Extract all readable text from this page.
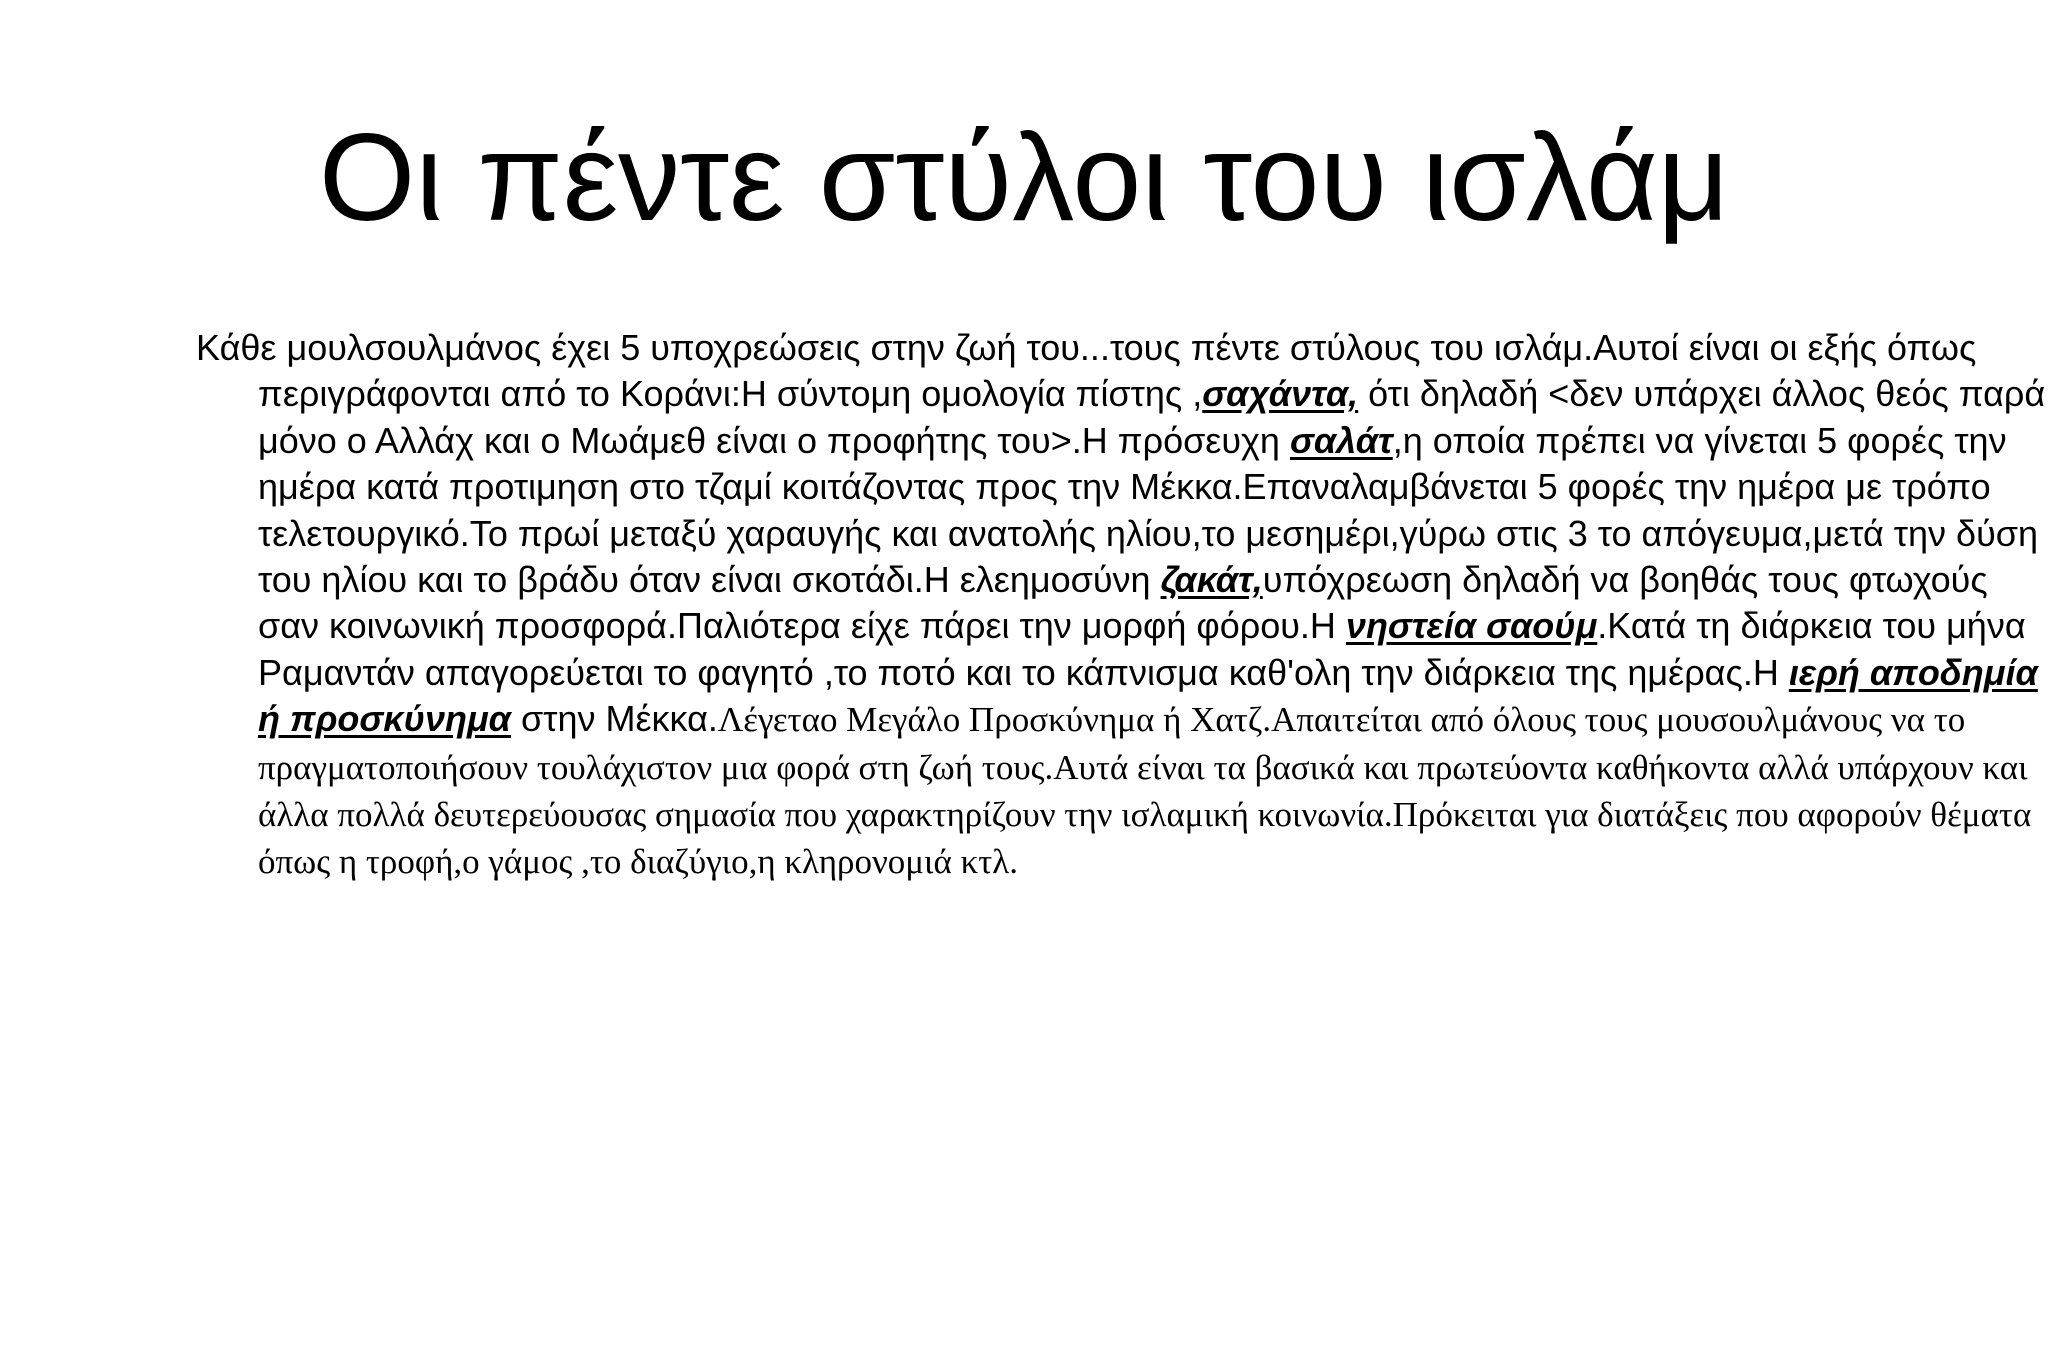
Οι πέντε στύλοι του ισλάμ

Κάθε μουλσουλμάνος έχει 5 υποχρεώσεις στην ζωή του...τους πέντε στύλους του ισλάμ.Αυτοί είναι οι εξής όπως περιγράφονται από το Κοράνι:Η σύντομη ομολογία πίστης ,σαχάντα, ότι δηλαδή <δεν υπάρχει άλλος θεός παρά μόνο ο Αλλάχ και ο Μωάμεθ είναι ο προφήτης του>.Η πρόσευχη σαλάτ,η οποία πρέπει να γίνεται 5 φορές την ημέρα κατά προτιμηση στο τζαμί κοιτάζοντας προς την Μέκκα.Επαναλαμβάνεται 5 φορές την ημέρα με τρόπο τελετουργικό.Το πρωί μεταξύ χαραυγής και ανατολής ηλίου,το μεσημέρι,γύρω στις 3 το απόγευμα,μετά την δύση του ηλίου και το βράδυ όταν είναι σκοτάδι.Η ελεημοσύνη ζακάτ,υπόχρεωση δηλαδή να βοηθάς τους φτωχούς σαν κοινωνική προσφορά.Παλιότερα είχε πάρει την μορφή φόρου.Η νηστεία σαούμ.Κατά τη διάρκεια του μήνα Ραμαντάν απαγορεύεται το φαγητό ,το ποτό και το κάπνισμα καθ'ολη την διάρκεια της ημέρας.Η ιερή αποδημία ή προσκύνημα στην Μέκκα.Λέγεταο Μεγάλο Προσκύνημα ή Χατζ.Απαιτείται από όλους τους μουσουλμάνους να το πραγματοποιήσουν τουλάχιστον μια φορά στη ζωή τους.Αυτά είναι τα βασικά και πρωτεύοντα καθήκοντα αλλά υπάρχουν και άλλα πολλά δευτερεύουσας σημασία που χαρακτηρίζουν την ισλαμική κοινωνία.Πρόκειται για διατάξεις που αφορούν θέματα όπως η τροφή,ο γάμος ,το διαζύγιο,η κληρονομιά κτλ.
